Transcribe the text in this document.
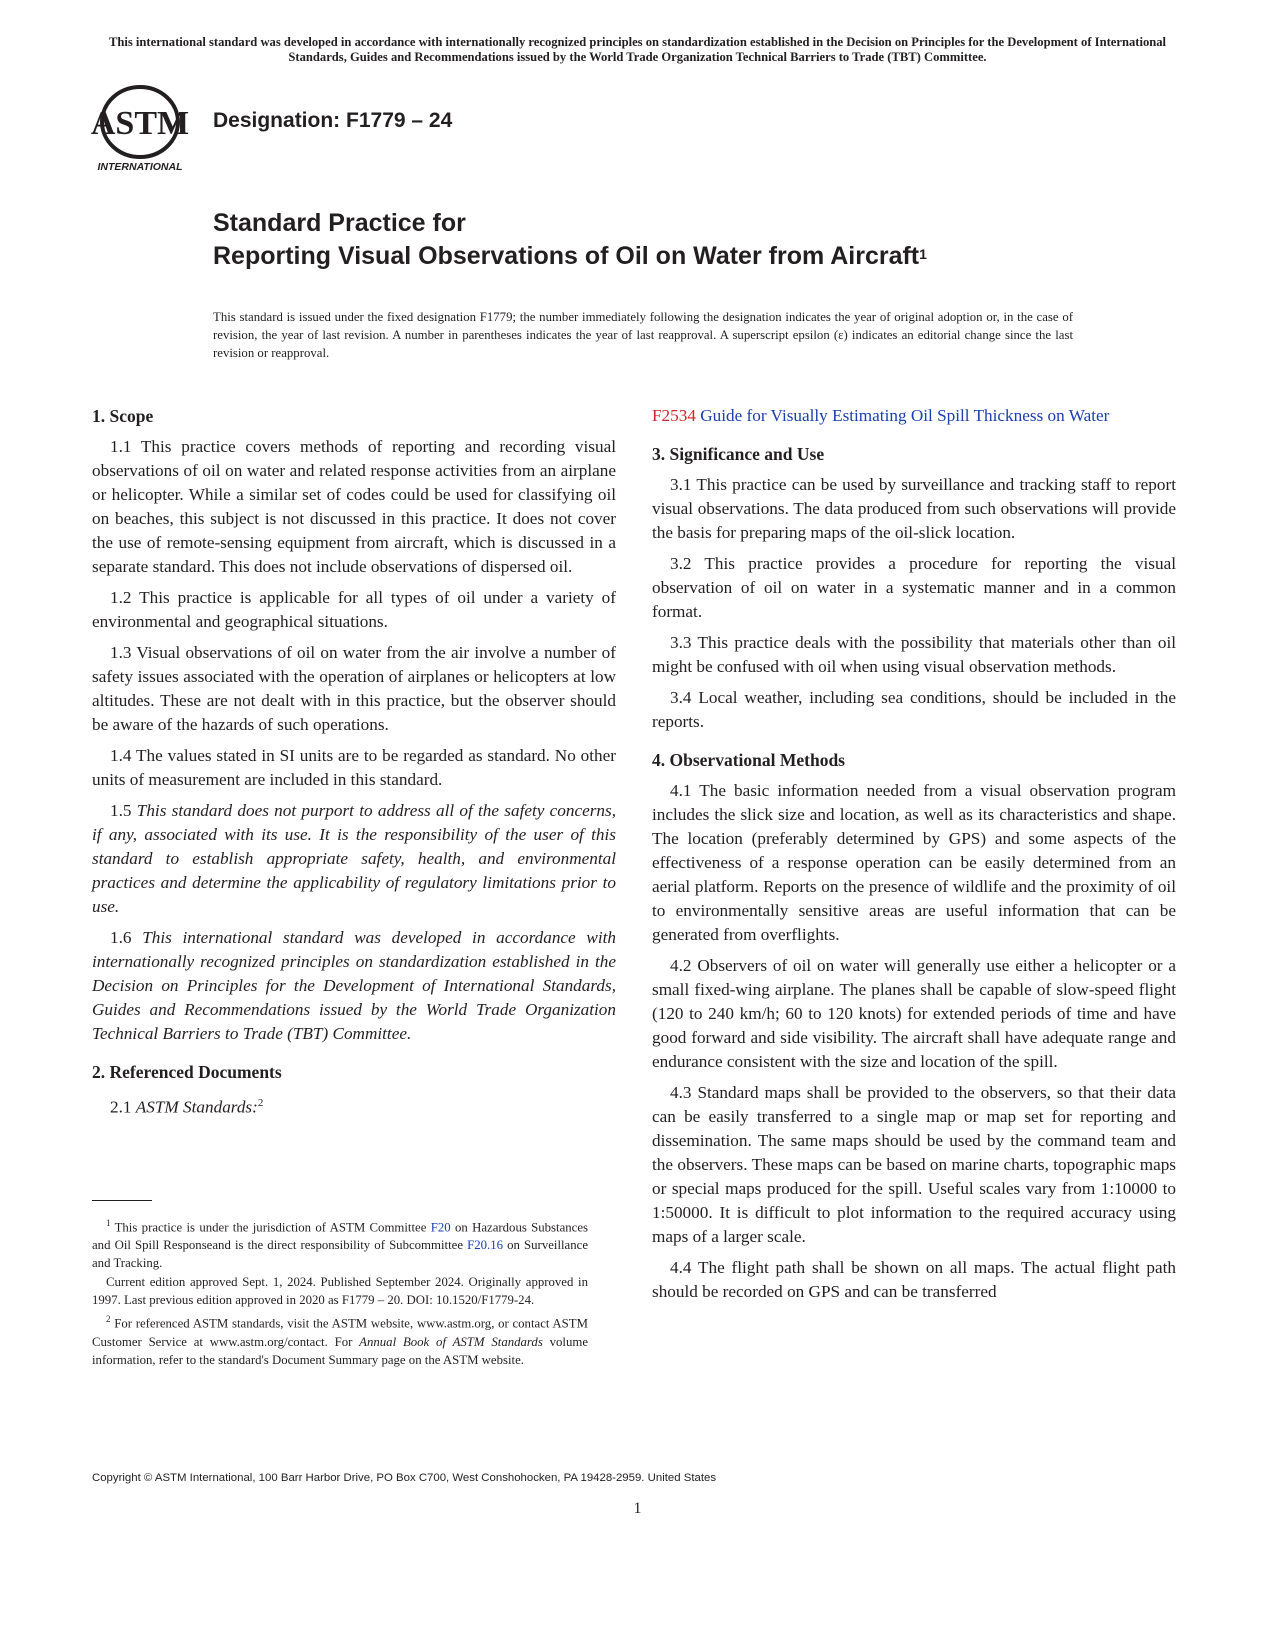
This international standard was developed in accordance with internationally recognized principles on standardization established in the Decision on Principles for the Development of International Standards, Guides and Recommendations issued by the World Trade Organization Technical Barriers to Trade (TBT) Committee.
ASTM
INTERNATIONAL
Designation: F1779 – 24
Standard Practice for
Reporting Visual Observations of Oil on Water from Aircraft$^1$
This standard is issued under the fixed designation F1779; the number immediately following the designation indicates the year of original adoption or, in the case of revision, the year of last revision. A number in parentheses indicates the year of last reapproval. A superscript epsilon (ε) indicates an editorial change since the last revision or reapproval.
1. Scope

1.1 This practice covers methods of reporting and recording visual observations of oil on water and related response activities from an airplane or helicopter. While a similar set of codes could be used for classifying oil on beaches, this subject is not discussed in this practice. It does not cover the use of remote-sensing equipment from aircraft, which is discussed in a separate standard. This does not include observations of dispersed oil.

1.2 This practice is applicable for all types of oil under a variety of environmental and geographical situations.

1.3 Visual observations of oil on water from the air involve a number of safety issues associated with the operation of airplanes or helicopters at low altitudes. These are not dealt with in this practice, but the observer should be aware of the hazards of such operations.

1.4 The values stated in SI units are to be regarded as standard. No other units of measurement are included in this standard.

1.5 This standard does not purport to address all of the safety concerns, if any, associated with its use. It is the responsibility of the user of this standard to establish appropriate safety, health, and environmental practices and determine the applicability of regulatory limitations prior to use.

1.6 This international standard was developed in accordance with internationally recognized principles on standardization established in the Decision on Principles for the Development of International Standards, Guides and Recommendations issued by the World Trade Organization Technical Barriers to Trade (TBT) Committee.

2. Referenced Documents

2.1 ASTM Standards:$^2$

F2534 Guide for Visually Estimating Oil Spill Thickness on Water
3. Significance and Use

3.1 This practice can be used by surveillance and tracking staff to report visual observations. The data produced from such observations will provide the basis for preparing maps of the oil-slick location.

3.2 This practice provides a procedure for reporting the visual observation of oil on water in a systematic manner and in a common format.

3.3 This practice deals with the possibility that materials other than oil might be confused with oil when using visual observation methods.

3.4 Local weather, including sea conditions, should be included in the reports.

4. Observational Methods

4.1 The basic information needed from a visual observation program includes the slick size and location, as well as its characteristics and shape. The location (preferably determined by GPS) and some aspects of the effectiveness of a response operation can be easily determined from an aerial platform. Reports on the presence of wildlife and the proximity of oil to environmentally sensitive areas are useful information that can be generated from overflights.

4.2 Observers of oil on water will generally use either a helicopter or a small fixed-wing airplane. The planes shall be capable of slow-speed flight (120 to 240 km/h; 60 to 120 knots) for extended periods of time and have good forward and side visibility. The aircraft shall have adequate range and endurance consistent with the size and location of the spill.

4.3 Standard maps shall be provided to the observers, so that their data can be easily transferred to a single map or map set for reporting and dissemination. The same maps should be used by the command team and the observers. These maps can be based on marine charts, topographic maps or special maps produced for the spill. Useful scales vary from 1:10000 to 1:50000. It is difficult to plot information to the required accuracy using maps of a larger scale.

4.4 The flight path shall be shown on all maps. The actual flight path should be recorded on GPS and can be transferred

$^1$ This practice is under the jurisdiction of ASTM Committee F20 on Hazardous Substances and Oil Spill Responseand is the direct responsibility of Subcommittee F20.16 on Surveillance and Tracking.

Current edition approved Sept. 1, 2024. Published September 2024. Originally approved in 1997. Last previous edition approved in 2020 as F1779 – 20. DOI: 10.1520/F1779-24.

$^2$ For referenced ASTM standards, visit the ASTM website, www.astm.org, or contact ASTM Customer Service at www.astm.org/contact. For Annual Book of ASTM Standards volume information, refer to the standard's Document Summary page on the ASTM website.

Copyright © ASTM International, 100 Barr Harbor Drive, PO Box C700, West Conshohocken, PA 19428-2959. United States
1
